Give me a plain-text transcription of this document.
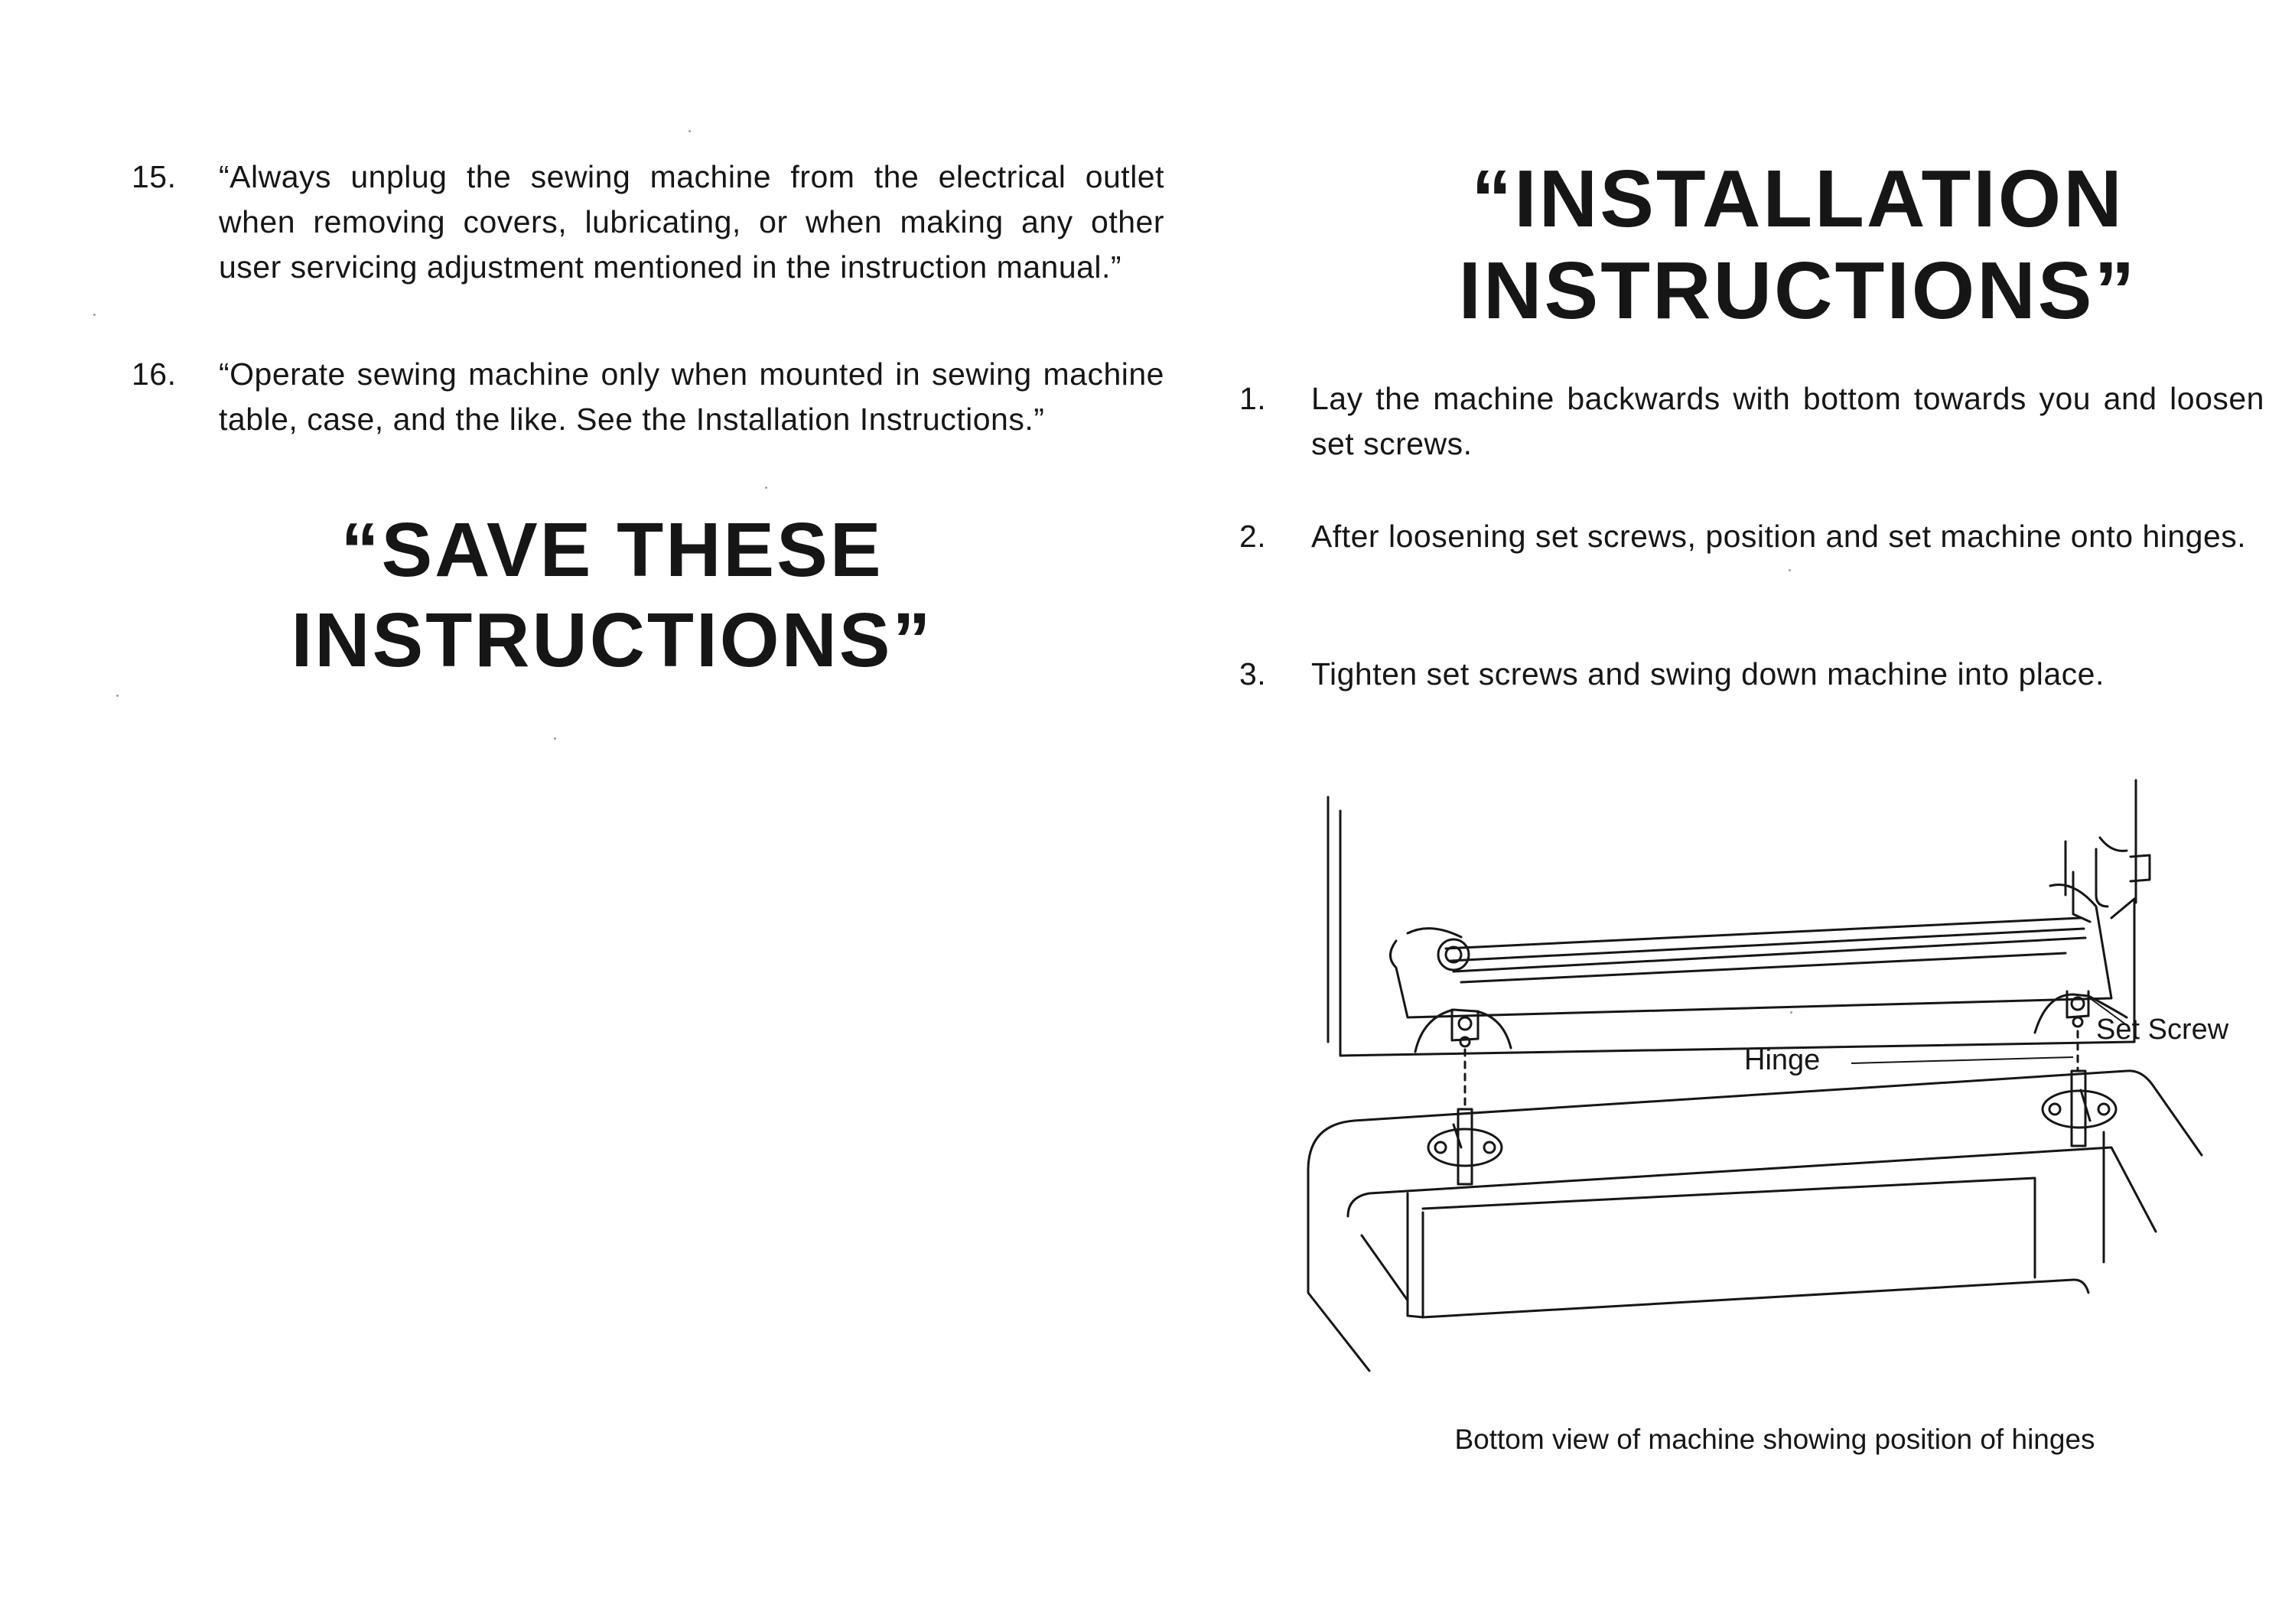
15.	“Always unplug the sewing machine from the electrical outlet when removing covers, lubricating, or when making any other user servicing adjustment mentioned in the instruction manual.”
16.	“Operate sewing machine only when mounted in sewing machine table, case, and the like. See the Installation Instructions.”
“SAVE THESE
INSTRUCTIONS”
“INSTALLATION
INSTRUCTIONS”
1.	Lay the machine backwards with bottom towards you and loosen set screws.
2.	After loosening set screws, position and set machine onto hinges.
3.	Tighten set screws and swing down machine into place.
Hinge
Set Screw
Bottom view of machine showing position of hinges
